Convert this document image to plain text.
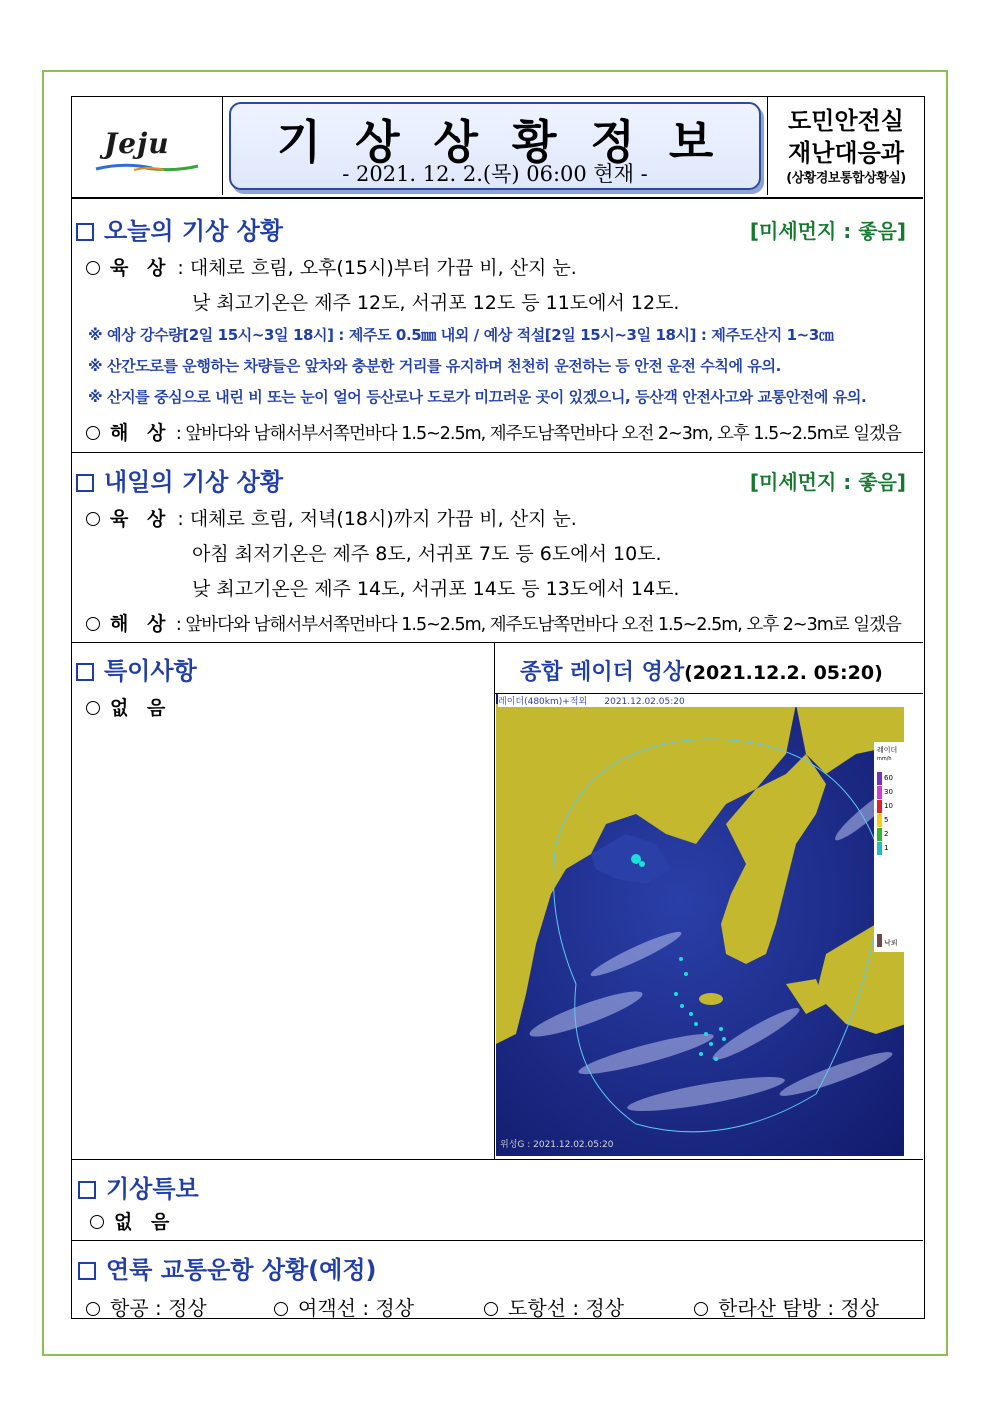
Jeju	기상상황정보
- 2021. 12. 2.(목) 06:00 현재 -
도민안전실
재난대응과
(상황경보통합상황실)
오늘의 기상 상황	[미세먼지 : 좋음]
육 상 : 대체로 흐림, 오후(15시)부터 가끔 비, 산지 눈.
낮 최고기온은 제주 12도, 서귀포 12도 등 11도에서 12도.
※ 예상 강수량[2일 15시~3일 18시] : 제주도 0.5㎜ 내외 / 예상 적설[2일 15시~3일 18시] : 제주도산지 1~3㎝
※ 산간도로를 운행하는 차량들은 앞차와 충분한 거리를 유지하며 천천히 운전하는 등 안전 운전 수칙에 유의.
※ 산지를 중심으로 내린 비 또는 눈이 얼어 등산로나 도로가 미끄러운 곳이 있겠으니, 등산객 안전사고와 교통안전에 유의.
해 상 : 앞바다와 남해서부서쪽먼바다 1.5~2.5m, 제주도남쪽먼바다 오전 2~3m, 오후 1.5~2.5m로 일겠음
내일의 기상 상황	[미세먼지 : 좋음]
육 상 : 대체로 흐림, 저녁(18시)까지 가끔 비, 산지 눈.
아침 최저기온은 제주 8도, 서귀포 7도 등 6도에서 10도.
낮 최고기온은 제주 14도, 서귀포 14도 등 13도에서 14도.
해 상 : 앞바다와 남해서부서쪽먼바다 1.5~2.5m, 제주도남쪽먼바다 오전 1.5~2.5m, 오후 2~3m로 일겠음
특이사항
없 음
종합 레이더 영상(2021.12.2. 05:20)
레이더(480km)+적외 2021.12.02.05:20
레이더
mm/h
60
30
10
5
2
1
낙뢰
위성G : 2021.12.02.05:20
기상특보
없 음
연륙 교통운항 상황(예정)
항공 : 정상	여객선 : 정상	도항선 : 정상	한라산 탐방 : 정상
